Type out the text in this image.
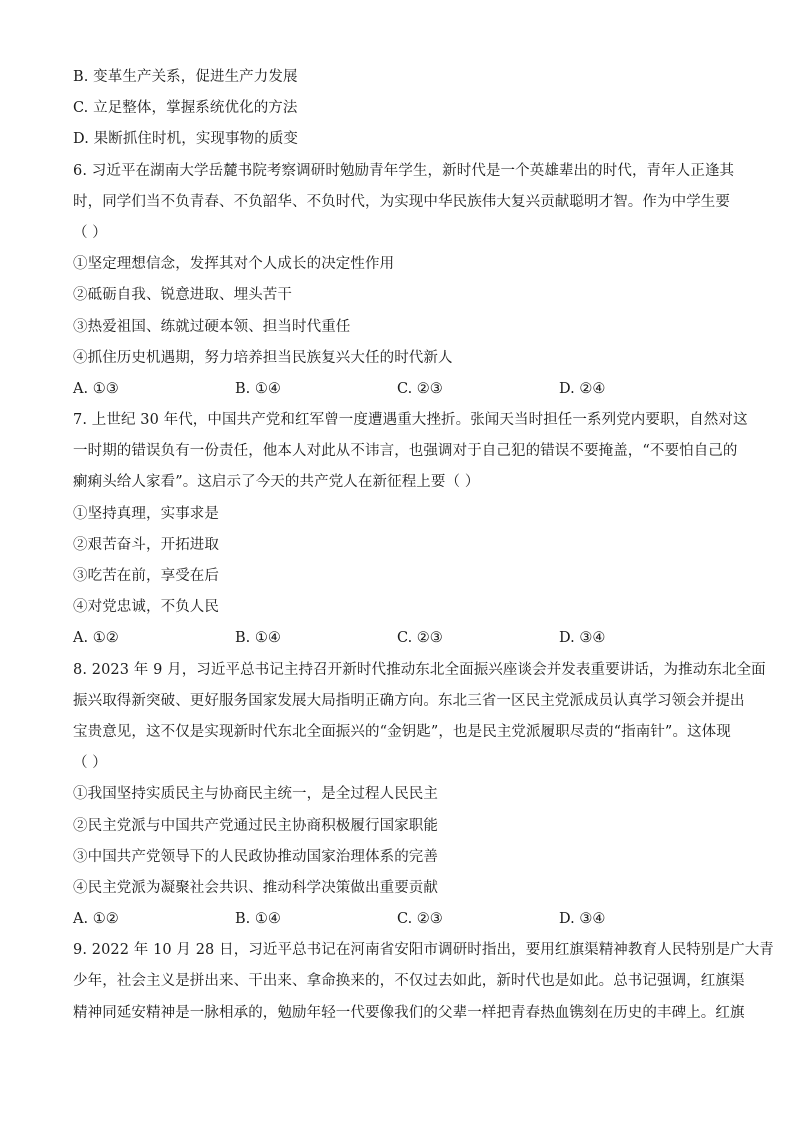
B. 变革生产关系，促进生产力发展
C. 立足整体，掌握系统优化的方法
D. 果断抓住时机，实现事物的质变
6. 习近平在湖南大学岳麓书院考察调研时勉励青年学生，新时代是一个英雄辈出的时代，青年人正逢其
时，同学们当不负青春、不负韶华、不负时代，为实现中华民族伟大复兴贡献聪明才智。作为中学生要
（ ）
①坚定理想信念，发挥其对个人成长的决定性作用
②砥砺自我、锐意进取、埋头苦干
③热爱祖国、练就过硬本领、担当时代重任
④抓住历史机遇期，努力培养担当民族复兴大任的时代新人
A. ①③	B. ①④	C. ②③	D. ②④
7. 上世纪 30 年代，中国共产党和红军曾一度遭遇重大挫折。张闻天当时担任一系列党内要职，自然对这
一时期的错误负有一份责任，他本人对此从不讳言，也强调对于自己犯的错误不要掩盖，“不要怕自己的
瘌痢头给人家看”。这启示了今天的共产党人在新征程上要（ ）
①坚持真理，实事求是
②艰苦奋斗，开拓进取
③吃苦在前，享受在后
④对党忠诚，不负人民
A. ①②	B. ①④	C. ②③	D. ③④
8. 2023 年 9 月，习近平总书记主持召开新时代推动东北全面振兴座谈会并发表重要讲话，为推动东北全面
振兴取得新突破、更好服务国家发展大局指明正确方向。东北三省一区民主党派成员认真学习领会并提出
宝贵意见，这不仅是实现新时代东北全面振兴的“金钥匙”，也是民主党派履职尽责的“指南针”。这体现
（ ）
①我国坚持实质民主与协商民主统一，是全过程人民民主
②民主党派与中国共产党通过民主协商积极履行国家职能
③中国共产党领导下的人民政协推动国家治理体系的完善
④民主党派为凝聚社会共识、推动科学决策做出重要贡献
A. ①②	B. ①④	C. ②③	D. ③④
9. 2022 年 10 月 28 日，习近平总书记在河南省安阳市调研时指出，要用红旗渠精神教育人民特别是广大青
少年，社会主义是拼出来、干出来、拿命换来的，不仅过去如此，新时代也是如此。总书记强调，红旗渠
精神同延安精神是一脉相承的，勉励年轻一代要像我们的父辈一样把青春热血镌刻在历史的丰碑上。红旗
